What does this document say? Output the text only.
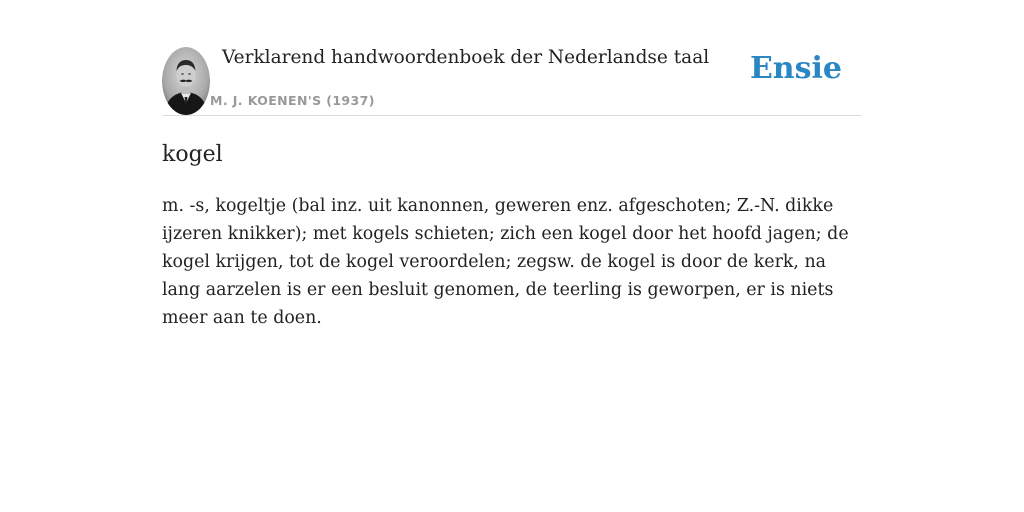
Verklarend handwoordenboek der Nederlandse taal
M. J. KOENEN'S (1937)
Ensie
kogel

m. -s, kogeltje (bal inz. uit kanonnen, geweren enz. afgeschoten; Z.-N. dikke ijzeren knikker); met kogels schieten; zich een kogel door het hoofd jagen; de kogel krijgen, tot de kogel veroordelen; zegsw. de kogel is door de kerk, na lang aarzelen is er een besluit genomen, de teerling is geworpen, er is niets meer aan te doen.
